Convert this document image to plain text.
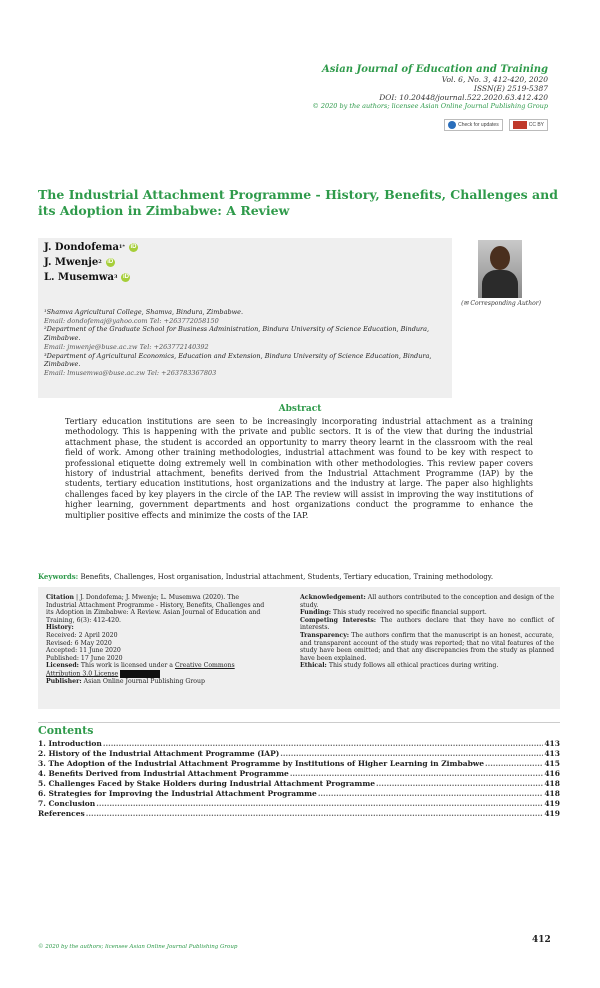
Asian Journal of Education and Training
Vol. 6, No. 3, 412-420, 2020
ISSN(E) 2519-5387
DOI: 10.20448/journal.522.2020.63.412.420
© 2020 by the authors; licensee Asian Online Journal Publishing Group
Check for updates	CC BY
The Industrial Attachment Programme - History, Benefits, Challenges and its Adoption in Zimbabwe: A Review
J. Dondofema 1* iD
J. Mwenje 2 iD
L. Musemwa 3 iD
¹Shamva Agricultural College, Shamva, Bindura, Zimbabwe.
Email: dondofemaj@yahoo.com Tel: +263772058150
²Department of the Graduate School for Business Administration, Bindura University of Science Education, Bindura, Zimbabwe.
Email: jmwenje@buse.ac.zw Tel: +263772140392
³Department of Agricultural Economics, Education and Extension, Bindura University of Science Education, Bindura, Zimbabwe.
Email: lmusemwa@buse.ac.zw Tel: +263783367803
(✉ Corresponding Author)
Abstract
Tertiary education institutions are seen to be increasingly incorporating industrial attachment as a training methodology. This is happening with the private and public sectors. It is of the view that during the industrial attachment phase, the student is accorded an opportunity to marry theory learnt in the classroom with the real field of work. Among other training methodologies, industrial attachment was found to be key with respect to professional etiquette doing extremely well in combination with other methodologies. This review paper covers history of industrial attachment, benefits derived from the Industrial Attachment Programme (IAP) by the students, tertiary education institutions, host organizations and the industry at large. The paper also highlights challenges faced by key players in the circle of the IAP. The review will assist in improving the way institutions of higher learning, government departments and host organizations conduct the programme to enhance the multiplier positive effects and minimize the costs of the IAP.
Keywords: Benefits, Challenges, Host organisation, Industrial attachment, Students, Tertiary education, Training methodology.
Citation | J. Dondofema; J. Mwenje; L. Musemwa (2020). The Industrial Attachment Programme - History, Benefits, Challenges and its Adoption in Zimbabwe: A Review. Asian Journal of Education and Training, 6(3): 412-420.
History:
Received: 2 April 2020
Revised: 6 May 2020
Accepted: 11 June 2020
Published: 17 June 2020
Licensed: This work is licensed under a Creative Commons Attribution 3.0 License
Publisher: Asian Online Journal Publishing Group
Acknowledgement: All authors contributed to the conception and design of the study.
Funding: This study received no specific financial support.
Competing Interests: The authors declare that they have no conflict of interests.
Transparency: The authors confirm that the manuscript is an honest, accurate, and transparent account of the study was reported; that no vital features of the study have been omitted; and that any discrepancies from the study as planned have been explained.
Ethical: This study follows all ethical practices during writing.
Contents
1. Introduction .....	413
2. History of the Industrial Attachment Programme (IAP) .....	413
3. The Adoption of the Industrial Attachment Programme by Institutions of Higher Learning in Zimbabwe .....	415
4. Benefits Derived from Industrial Attachment Programme .....	416
5. Challenges Faced by Stake Holders during Industrial Attachment Programme .....	418
6. Strategies for Improving the Industrial Attachment Programme .....	418
7. Conclusion .....	419
References .....	419
412
© 2020 by the authors; licensee Asian Online Journal Publishing Group
